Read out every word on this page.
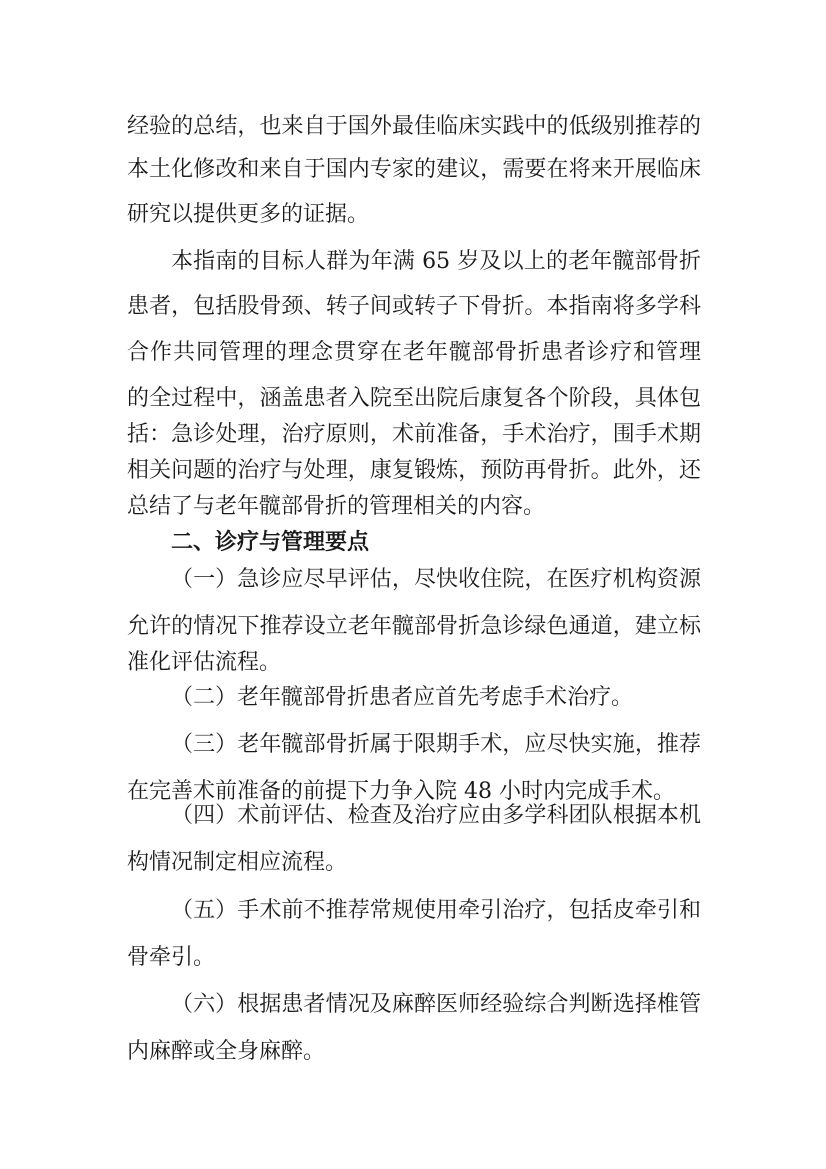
经验的总结，也来自于国外最佳临床实践中的低级别推荐的
本土化修改和来自于国内专家的建议，需要在将来开展临床
研究以提供更多的证据。
本指南的目标人群为年满 65 岁及以上的老年髋部骨折
患者，包括股骨颈、转子间或转子下骨折。本指南将多学科
合作共同管理的理念贯穿在老年髋部骨折患者诊疗和管理
的全过程中，涵盖患者入院至出院后康复各个阶段，具体包
括：急诊处理，治疗原则，术前准备，手术治疗，围手术期
相关问题的治疗与处理，康复锻炼，预防再骨折。此外，还
总结了与老年髋部骨折的管理相关的内容。
二、诊疗与管理要点
（一）急诊应尽早评估，尽快收住院，在医疗机构资源
允许的情况下推荐设立老年髋部骨折急诊绿色通道，建立标
准化评估流程。
（二）老年髋部骨折患者应首先考虑手术治疗。
（三）老年髋部骨折属于限期手术，应尽快实施，推荐
在完善术前准备的前提下力争入院 48 小时内完成手术。
（四）术前评估、检查及治疗应由多学科团队根据本机
构情况制定相应流程。
（五）手术前不推荐常规使用牵引治疗，包括皮牵引和
骨牵引。
（六）根据患者情况及麻醉医师经验综合判断选择椎管
内麻醉或全身麻醉。
